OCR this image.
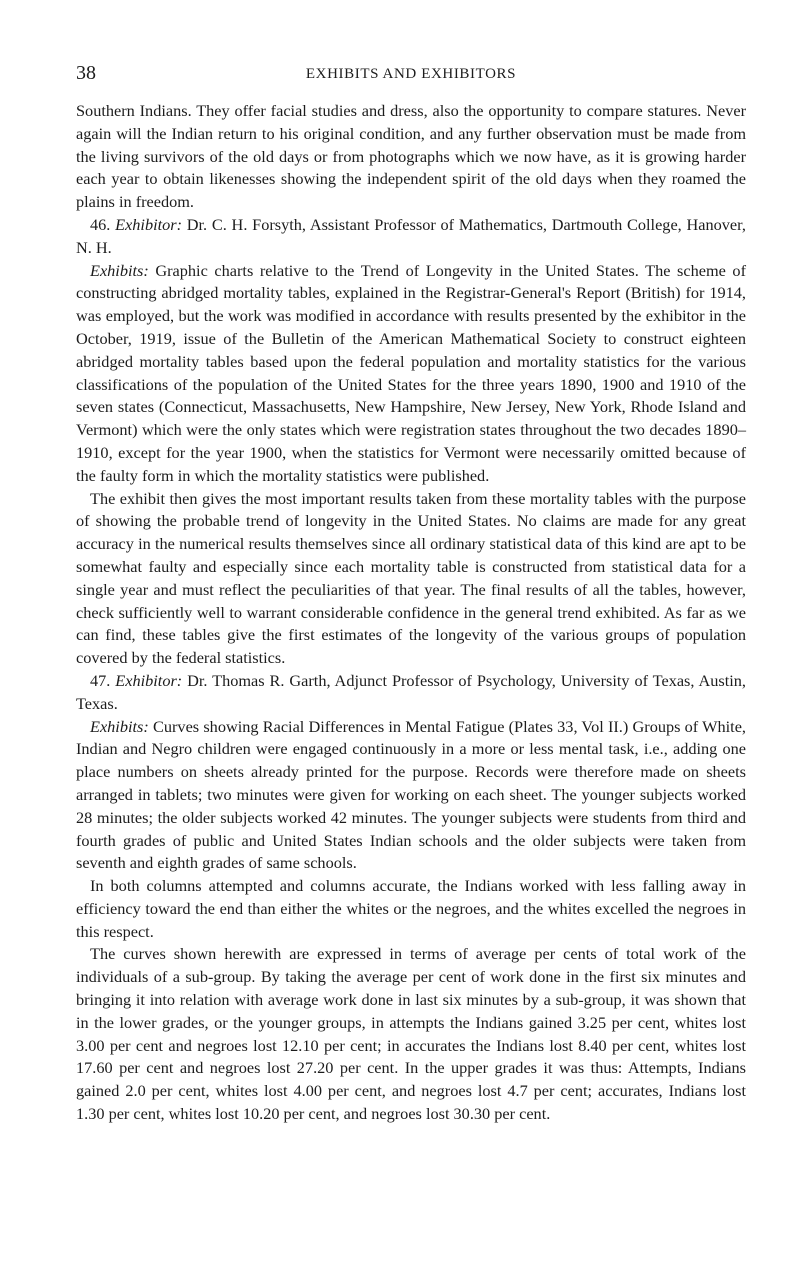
38	EXHIBITS AND EXHIBITORS

Southern Indians. They offer facial studies and dress, also the opportunity to compare statures. Never again will the Indian return to his original condition, and any further observation must be made from the living survivors of the old days or from photographs which we now have, as it is growing harder each year to obtain likenesses showing the independent spirit of the old days when they roamed the plains in freedom.

46. Exhibitor: Dr. C. H. Forsyth, Assistant Professor of Mathematics, Dartmouth College, Hanover, N. H.

Exhibits: Graphic charts relative to the Trend of Longevity in the United States. The scheme of constructing abridged mortality tables, explained in the Registrar-General's Report (British) for 1914, was employed, but the work was modified in accordance with results presented by the exhibitor in the October, 1919, issue of the Bulletin of the American Mathematical Society to construct eighteen abridged mortality tables based upon the federal population and mortality statistics for the various classifications of the population of the United States for the three years 1890, 1900 and 1910 of the seven states (Connecticut, Massachusetts, New Hampshire, New Jersey, New York, Rhode Island and Vermont) which were the only states which were registration states throughout the two decades 1890–1910, except for the year 1900, when the statistics for Vermont were necessarily omitted because of the faulty form in which the mortality statistics were published.

The exhibit then gives the most important results taken from these mortality tables with the purpose of showing the probable trend of longevity in the United States. No claims are made for any great accuracy in the numerical results themselves since all ordinary statistical data of this kind are apt to be somewhat faulty and especially since each mortality table is constructed from statistical data for a single year and must reflect the peculiarities of that year. The final results of all the tables, however, check sufficiently well to warrant considerable confidence in the general trend exhibited. As far as we can find, these tables give the first estimates of the longevity of the various groups of population covered by the federal statistics.

47. Exhibitor: Dr. Thomas R. Garth, Adjunct Professor of Psychology, University of Texas, Austin, Texas.

Exhibits: Curves showing Racial Differences in Mental Fatigue (Plates 33, Vol II.) Groups of White, Indian and Negro children were engaged continuously in a more or less mental task, i.e., adding one place numbers on sheets already printed for the purpose. Records were therefore made on sheets arranged in tablets; two minutes were given for working on each sheet. The younger subjects worked 28 minutes; the older subjects worked 42 minutes. The younger subjects were students from third and fourth grades of public and United States Indian schools and the older subjects were taken from seventh and eighth grades of same schools.

In both columns attempted and columns accurate, the Indians worked with less falling away in efficiency toward the end than either the whites or the negroes, and the whites excelled the negroes in this respect.

The curves shown herewith are expressed in terms of average per cents of total work of the individuals of a sub-group. By taking the average per cent of work done in the first six minutes and bringing it into relation with average work done in last six minutes by a sub-group, it was shown that in the lower grades, or the younger groups, in attempts the Indians gained 3.25 per cent, whites lost 3.00 per cent and negroes lost 12.10 per cent; in accurates the Indians lost 8.40 per cent, whites lost 17.60 per cent and negroes lost 27.20 per cent. In the upper grades it was thus: Attempts, Indians gained 2.0 per cent, whites lost 4.00 per cent, and negroes lost 4.7 per cent; accurates, Indians lost 1.30 per cent, whites lost 10.20 per cent, and negroes lost 30.30 per cent.
